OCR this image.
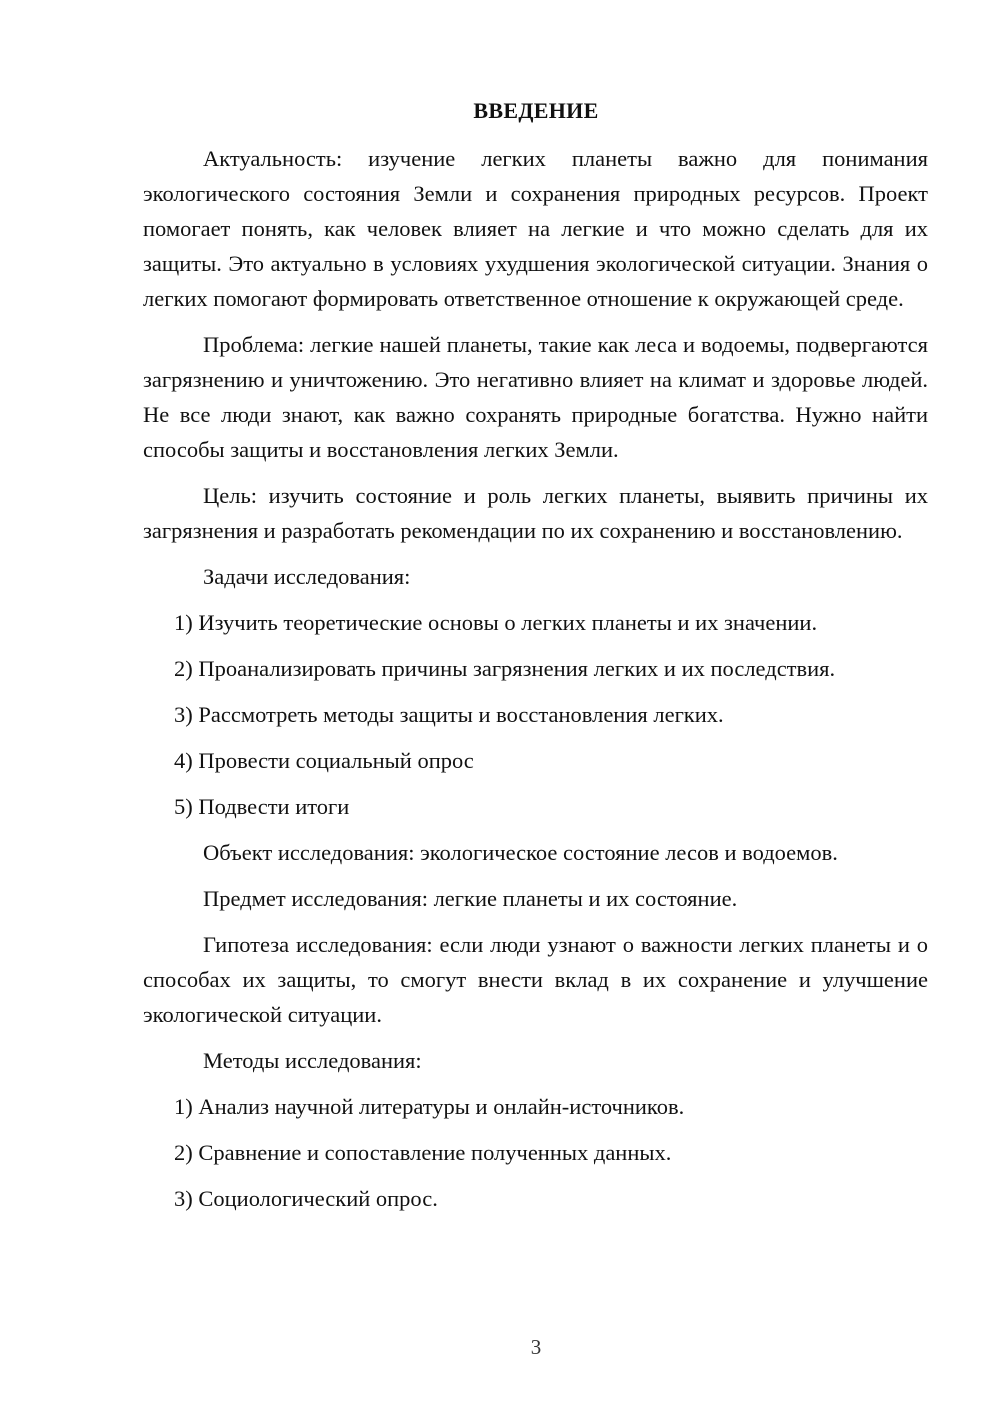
ВВЕДЕНИЕ

Актуальность: изучение легких планеты важно для понимания экологического состояния Земли и сохранения природных ресурсов. Проект помогает понять, как человек влияет на легкие и что можно сделать для их защиты. Это актуально в условиях ухудшения экологической ситуации. Знания о легких помогают формировать ответственное отношение к окружающей среде.

Проблема: легкие нашей планеты, такие как леса и водоемы, подвергаются загрязнению и уничтожению. Это негативно влияет на климат и здоровье людей. Не все люди знают, как важно сохранять природные богатства. Нужно найти способы защиты и восстановления легких Земли.

Цель: изучить состояние и роль легких планеты, выявить причины их загрязнения и разработать рекомендации по их сохранению и восстановлению.

Задачи исследования:

1) Изучить теоретические основы о легких планеты и их значении.

2) Проанализировать причины загрязнения легких и их последствия.

3) Рассмотреть методы защиты и восстановления легких.

4) Провести социальный опрос

5) Подвести итоги

Объект исследования: экологическое состояние лесов и водоемов.

Предмет исследования: легкие планеты и их состояние.

Гипотеза исследования: если люди узнают о важности легких планеты и о способах их защиты, то смогут внести вклад в их сохранение и улучшение экологической ситуации.

Методы исследования:

1) Анализ научной литературы и онлайн-источников.

2) Сравнение и сопоставление полученных данных.

3) Социологический опрос.

3
